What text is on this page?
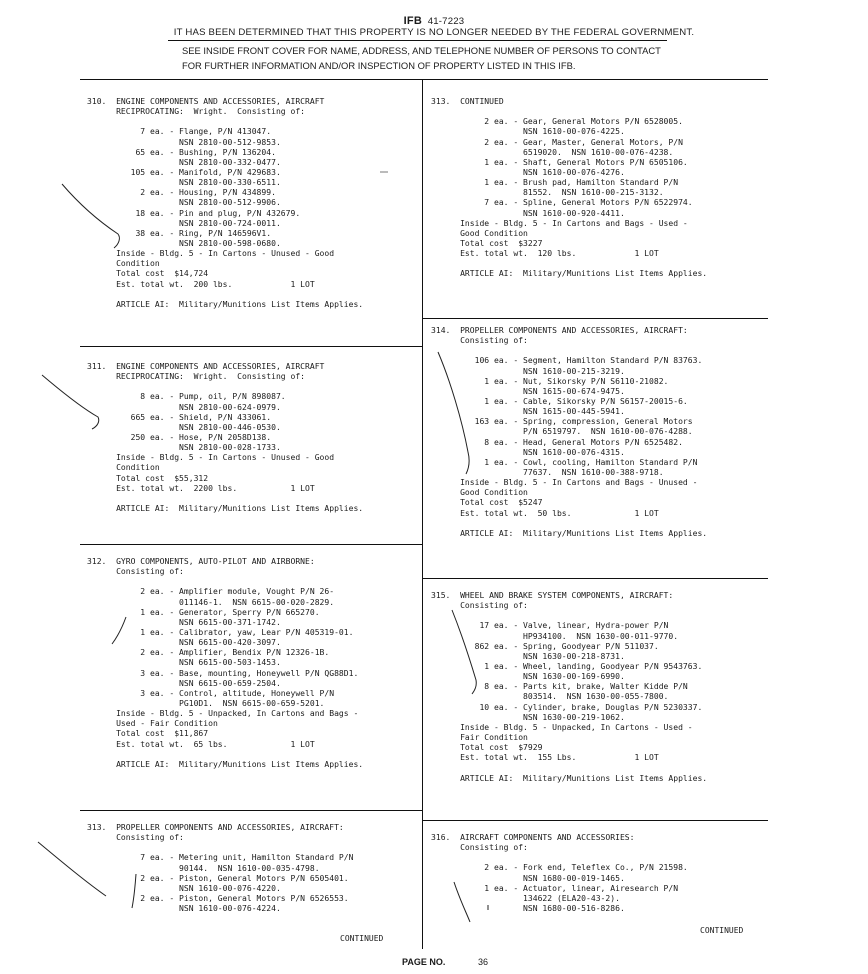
IFB 41-7223
IT HAS BEEN DETERMINED THAT THIS PROPERTY IS NO LONGER NEEDED BY THE FEDERAL GOVERNMENT.
SEE INSIDE FRONT COVER FOR NAME, ADDRESS, AND TELEPHONE NUMBER OF PERSONS TO CONTACT
FOR FURTHER INFORMATION AND/OR INSPECTION OF PROPERTY LISTED IN THIS IFB.
310.  ENGINE COMPONENTS AND ACCESSORIES, AIRCRAFT
RECIPROCATING:  Wright.  Consisting of:
7 ea. - Flange, P/N 413047.
NSN 2810-00-512-9853.
65 ea. - Bushing, P/N 136204.
NSN 2810-00-332-0477.
105 ea. - Manifold, P/N 429683.
NSN 2810-00-330-6511.
2 ea. - Housing, P/N 434899.
NSN 2810-00-512-9906.
18 ea. - Pin and plug, P/N 432679.
NSN 2810-00-724-0011.
38 ea. - Ring, P/N 146596V1.
NSN 2810-00-598-0680.
Inside - Bldg. 5 - In Cartons - Unused - Good
Condition
Total cost  $14,724
Est. total wt.  200 lbs.            1 LOT
ARTICLE AI:  Military/Munitions List Items Applies.
311.  ENGINE COMPONENTS AND ACCESSORIES, AIRCRAFT
RECIPROCATING:  Wright.  Consisting of:
8 ea. - Pump, oil, P/N 898087.
NSN 2810-00-624-0979.
665 ea. - Shield, P/N 433061.
NSN 2810-00-446-0530.
250 ea. - Hose, P/N 2058D138.
NSN 2810-00-028-1733.
Inside - Bldg. 5 - In Cartons - Unused - Good
Condition
Total cost  $55,312
Est. total wt.  2200 lbs.           1 LOT
ARTICLE AI:  Military/Munitions List Items Applies.
312.  GYRO COMPONENTS, AUTO-PILOT AND AIRBORNE:
Consisting of:
2 ea. - Amplifier module, Vought P/N 26-
011146-1.  NSN 6615-00-020-2829.
1 ea. - Generator, Sperry P/N 665270.
NSN 6615-00-371-1742.
1 ea. - Calibrator, yaw, Lear P/N 405319-01.
NSN 6615-00-420-3097.
2 ea. - Amplifier, Bendix P/N 12326-1B.
NSN 6615-00-503-1453.
3 ea. - Base, mounting, Honeywell P/N QG88D1.
NSN 6615-00-659-2504.
3 ea. - Control, altitude, Honeywell P/N
PG10D1.  NSN 6615-00-659-5201.
Inside - Bldg. 5 - Unpacked, In Cartons and Bags -
Used - Fair Condition
Total cost  $11,867
Est. total wt.  65 lbs.             1 LOT
ARTICLE AI:  Military/Munitions List Items Applies.
313.  PROPELLER COMPONENTS AND ACCESSORIES, AIRCRAFT:
Consisting of:
7 ea. - Metering unit, Hamilton Standard P/N
90144.  NSN 1610-00-035-4798.
2 ea. - Piston, General Motors P/N 6505401.
NSN 1610-00-076-4220.
2 ea. - Piston, General Motors P/N 6526553.
NSN 1610-00-076-4224.
313.  CONTINUED
2 ea. - Gear, General Motors P/N 6528005.
NSN 1610-00-076-4225.
2 ea. - Gear, Master, General Motors, P/N
6519020.  NSN 1610-00-076-4238.
1 ea. - Shaft, General Motors P/N 6505106.
NSN 1610-00-076-4276.
1 ea. - Brush pad, Hamilton Standard P/N
81552.  NSN 1610-00-215-3132.
7 ea. - Spline, General Motors P/N 6522974.
NSN 1610-00-920-4411.
Inside - Bldg. 5 - In Cartons and Bags - Used -
Good Condition
Total cost  $3227
Est. total wt.  120 lbs.            1 LOT
ARTICLE AI:  Military/Munitions List Items Applies.
314.  PROPELLER COMPONENTS AND ACCESSORIES, AIRCRAFT:
Consisting of:
106 ea. - Segment, Hamilton Standard P/N 83763.
NSN 1610-00-215-3219.
1 ea. - Nut, Sikorsky P/N S6110-21082.
NSN 1615-00-674-9475.
1 ea. - Cable, Sikorsky P/N S6157-20015-6.
NSN 1615-00-445-5941.
163 ea. - Spring, compression, General Motors
P/N 6519797.  NSN 1610-00-076-4288.
8 ea. - Head, General Motors P/N 6525482.
NSN 1610-00-076-4315.
1 ea. - Cowl, cooling, Hamilton Standard P/N
77637.  NSN 1610-00-388-9718.
Inside - Bldg. 5 - In Cartons and Bags - Unused -
Good Condition
Total cost  $5247
Est. total wt.  50 lbs.             1 LOT
ARTICLE AI:  Military/Munitions List Items Applies.
315.  WHEEL AND BRAKE SYSTEM COMPONENTS, AIRCRAFT:
Consisting of:
17 ea. - Valve, linear, Hydra-power P/N
HP934100.  NSN 1630-00-011-9770.
862 ea. - Spring, Goodyear P/N 511037.
NSN 1630-00-218-8731.
1 ea. - Wheel, landing, Goodyear P/N 9543763.
NSN 1630-00-169-6990.
8 ea. - Parts kit, brake, Walter Kidde P/N
803514.  NSN 1630-00-055-7800.
10 ea. - Cylinder, brake, Douglas P/N 5230337.
NSN 1630-00-219-1062.
Inside - Bldg. 5 - Unpacked, In Cartons - Used -
Fair Condition
Total cost  $7929
Est. total wt.  155 Lbs.            1 LOT
ARTICLE AI:  Military/Munitions List Items Applies.
316.  AIRCRAFT COMPONENTS AND ACCESSORIES:
Consisting of:
2 ea. - Fork end, Teleflex Co., P/N 21598.
NSN 1680-00-019-1465.
1 ea. - Actuator, linear, Airesearch P/N
134622 (ELA20-43-2).
NSN 1680-00-516-8286.
CONTINUED
CONTINUED
PAGE NO.	36
